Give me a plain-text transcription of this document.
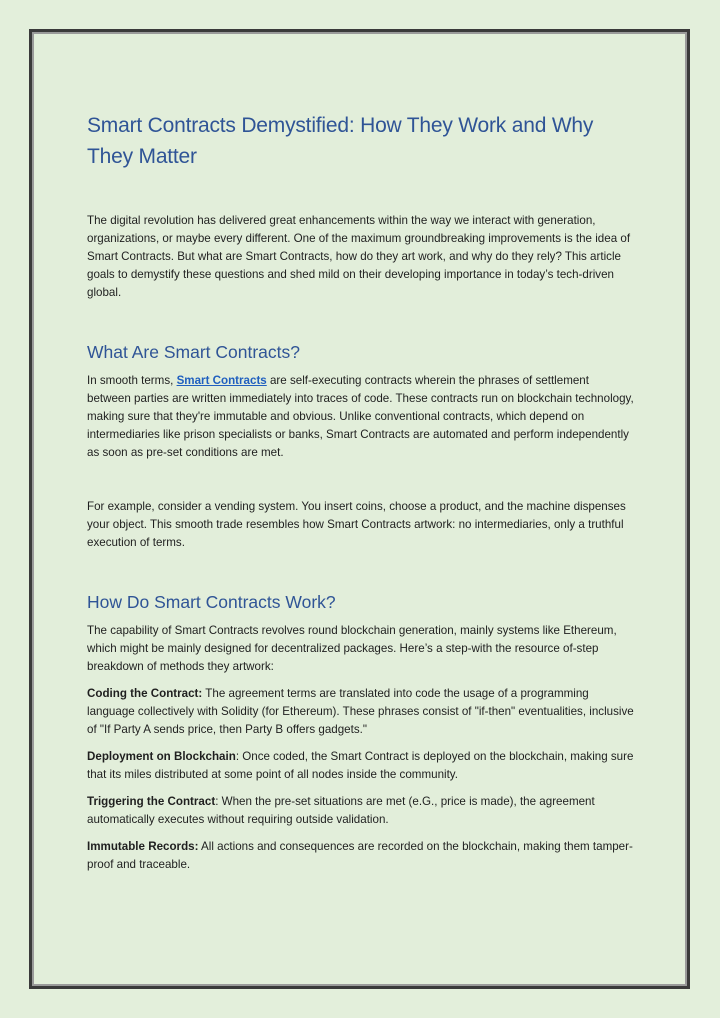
Smart Contracts Demystified: How They Work and Why They Matter

The digital revolution has delivered great enhancements within the way we interact with generation, organizations, or maybe every different. One of the maximum groundbreaking improvements is the idea of Smart Contracts. But what are Smart Contracts, how do they art work, and why do they rely? This article goals to demystify these questions and shed mild on their developing importance in today’s tech-driven global.

What Are Smart Contracts?

In smooth terms, Smart Contracts are self-executing contracts wherein the phrases of settlement between parties are written immediately into traces of code. These contracts run on blockchain technology, making sure that they're immutable and obvious. Unlike conventional contracts, which depend on intermediaries like prison specialists or banks, Smart Contracts are automated and perform independently as soon as pre-set conditions are met.

For example, consider a vending system. You insert coins, choose a product, and the machine dispenses your object. This smooth trade resembles how Smart Contracts artwork: no intermediaries, only a truthful execution of terms.

How Do Smart Contracts Work?

The capability of Smart Contracts revolves round blockchain generation, mainly systems like Ethereum, which might be mainly designed for decentralized packages. Here’s a step-with the resource of-step breakdown of methods they artwork:

Coding the Contract: The agreement terms are translated into code the usage of a programming language collectively with Solidity (for Ethereum). These phrases consist of "if-then" eventualities, inclusive of "If Party A sends price, then Party B offers gadgets."

Deployment on Blockchain: Once coded, the Smart Contract is deployed on the blockchain, making sure that its miles distributed at some point of all nodes inside the community.

Triggering the Contract: When the pre-set situations are met (e.G., price is made), the agreement automatically executes without requiring outside validation.

Immutable Records: All actions and consequences are recorded on the blockchain, making them tamper-proof and traceable.
